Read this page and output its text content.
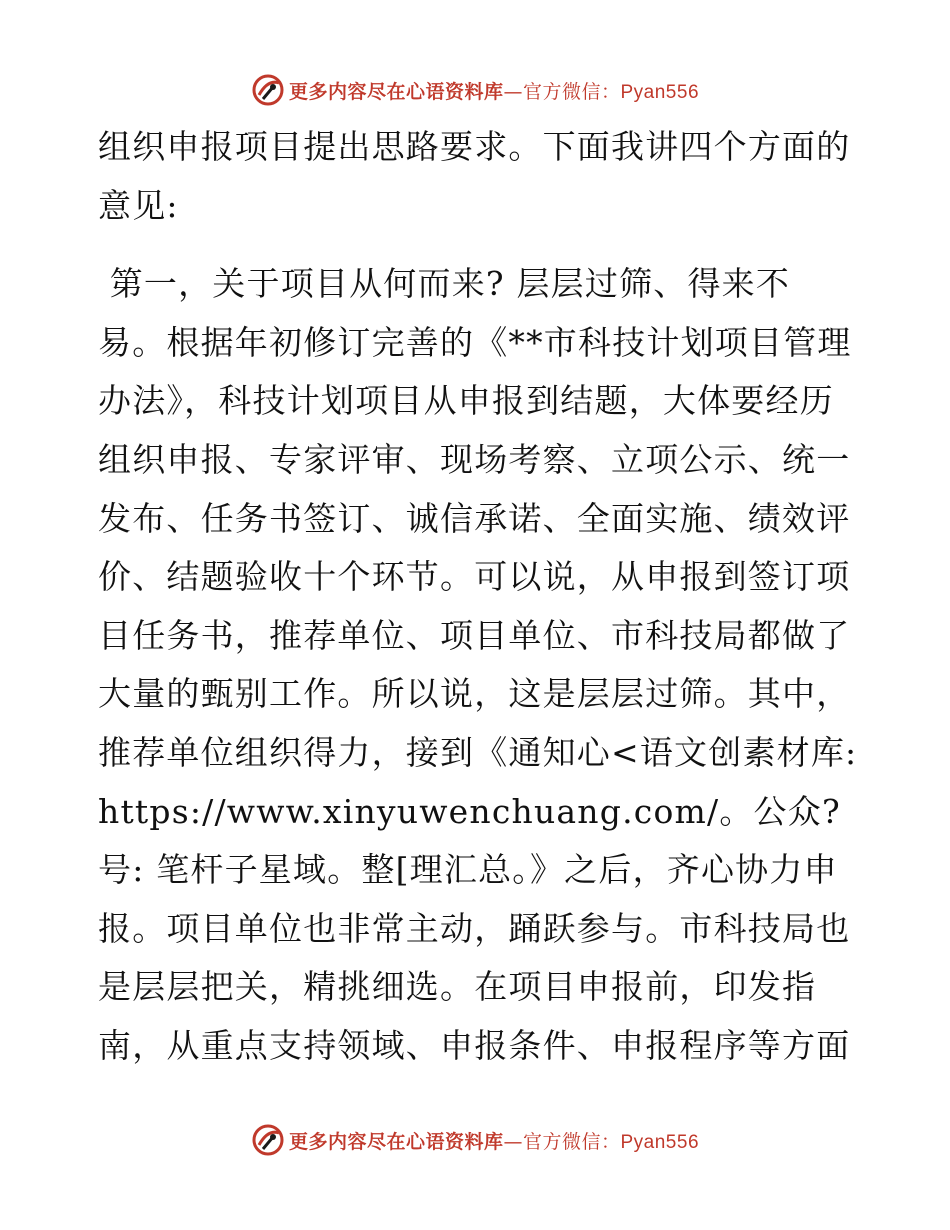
更多内容尽在心语资料库—官方微信：Pyan556

组织申报项目提出思路要求。下面我讲四个方面的意见:

第一，关于项目从何而来? 层层过筛、得来不易。根据年初修订完善的《**市科技计划项目管理办法》，科技计划项目从申报到结题，大体要经历组织申报、专家评审、现场考察、立项公示、统一发布、任务书签订、诚信承诺、全面实施、绩效评价、结题验收十个环节。可以说，从申报到签订项目任务书，推荐单位、项目单位、市科技局都做了大量的甄别工作。所以说，这是层层过筛。其中，推荐单位组织得力，接到《通知心<语文创素材库: https://www.xinyuwenchuang.com/。公众?号: 笔杆子星域。整[理汇总。》之后，齐心协力申报。项目单位也非常主动，踊跃参与。市科技局也是层层把关，精挑细选。在项目申报前，印发指南，从重点支持领域、申报条件、申报程序等方面

更多内容尽在心语资料库—官方微信：Pyan556
